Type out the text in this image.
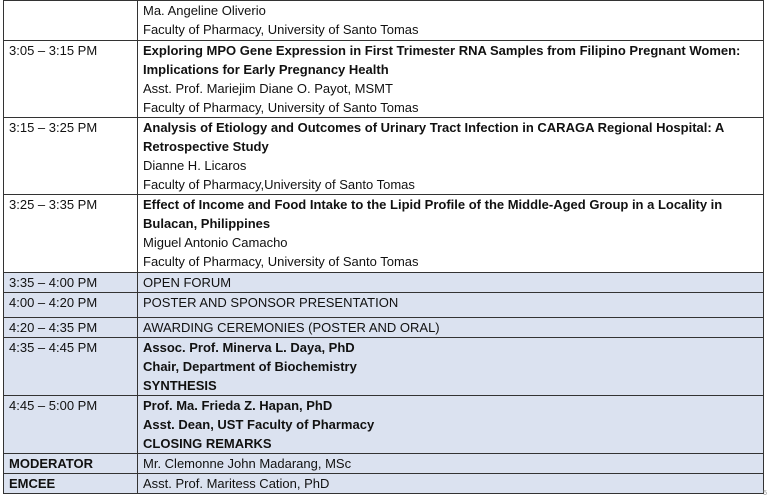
	Ma. Angeline Oliverio
Faculty of Pharmacy, University of Santo Tomas

3:05 – 3:15 PM	Exploring MPO Gene Expression in First Trimester RNA Samples from Filipino Pregnant Women: Implications for Early Pregnancy Health
Asst. Prof. Mariejim Diane O. Payot, MSMT
Faculty of Pharmacy, University of Santo Tomas

3:15 – 3:25 PM	Analysis of Etiology and Outcomes of Urinary Tract Infection in CARAGA Regional Hospital: A Retrospective Study
Dianne H. Licaros
Faculty of Pharmacy,University of Santo Tomas

3:25 – 3:35 PM	Effect of Income and Food Intake to the Lipid Profile of the Middle-Aged Group in a Locality in Bulacan, Philippines
Miguel Antonio Camacho
Faculty of Pharmacy, University of Santo Tomas

3:35 – 4:00 PM	OPEN FORUM
4:00 – 4:20 PM	POSTER AND SPONSOR PRESENTATION
4:20 – 4:35 PM	AWARDING CEREMONIES (POSTER AND ORAL)
4:35 – 4:45 PM	Assoc. Prof. Minerva L. Daya, PhD
Chair, Department of Biochemistry
SYNTHESIS

4:45 – 5:00 PM	Prof. Ma. Frieda Z. Hapan, PhD
Asst. Dean, UST Faculty of Pharmacy
CLOSING REMARKS

MODERATOR	Mr. Clemonne John Madarang, MSc
EMCEE	Asst. Prof. Maritess Cation, PhD
5
